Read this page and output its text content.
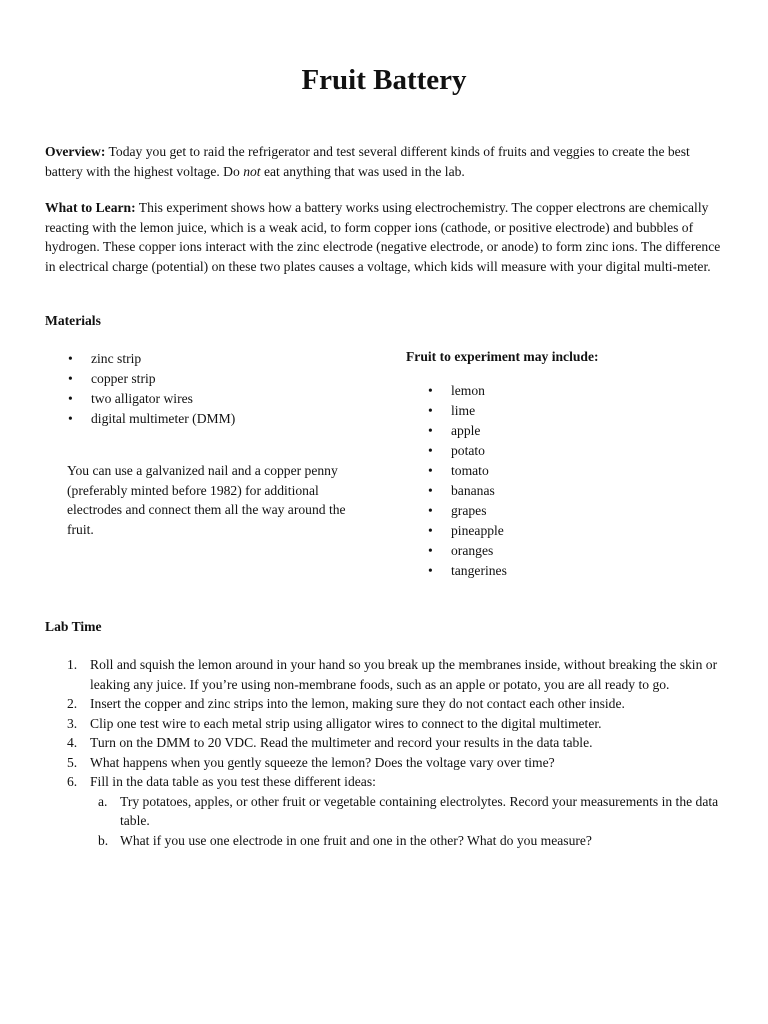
Fruit Battery
Overview: Today you get to raid the refrigerator and test several different kinds of fruits and veggies to create the best battery with the highest voltage. Do not eat anything that was used in the lab.
What to Learn: This experiment shows how a battery works using electrochemistry. The copper electrons are chemically reacting with the lemon juice, which is a weak acid, to form copper ions (cathode, or positive electrode) and bubbles of hydrogen. These copper ions interact with the zinc electrode (negative electrode, or anode) to form zinc ions. The difference in electrical charge (potential) on these two plates causes a voltage, which kids will measure with your digital multi-meter.
Materials
• zinc strip
• copper strip
• two alligator wires
• digital multimeter (DMM)
You can use a galvanized nail and a copper penny (preferably minted before 1982) for additional electrodes and connect them all the way around the fruit.
Fruit to experiment may include:
• lemon
• lime
• apple
• potato
• tomato
• bananas
• grapes
• pineapple
• oranges
• tangerines
Lab Time
1. Roll and squish the lemon around in your hand so you break up the membranes inside, without breaking the skin or leaking any juice. If you’re using non-membrane foods, such as an apple or potato, you are all ready to go.
2. Insert the copper and zinc strips into the lemon, making sure they do not contact each other inside.
3. Clip one test wire to each metal strip using alligator wires to connect to the digital multimeter.
4. Turn on the DMM to 20 VDC. Read the multimeter and record your results in the data table.
5. What happens when you gently squeeze the lemon? Does the voltage vary over time?
6. Fill in the data table as you test these different ideas:
a. Try potatoes, apples, or other fruit or vegetable containing electrolytes. Record your measurements in the data table.
b. What if you use one electrode in one fruit and one in the other? What do you measure?
